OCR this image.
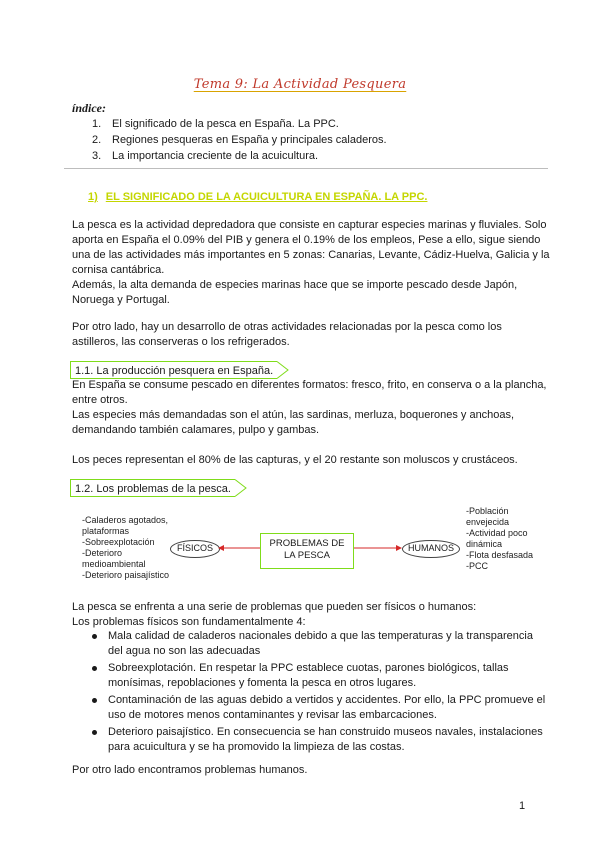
Tema 9: La Actividad Pesquera
índice:
1. El significado de la pesca en España. La PPC.
2. Regiones pesqueras en España y principales caladeros.
3. La importancia creciente de la acuicultura.
1) EL SIGNIFICADO DE LA ACUICULTURA EN ESPAÑA. LA PPC.

La pesca es la actividad depredadora que consiste en capturar especies marinas y fluviales. Solo aporta en España el 0.09% del PIB y genera el 0.19% de los empleos, Pese a ello, sigue siendo una de las actividades más importantes en 5 zonas: Canarias, Levante, Cádiz-Huelva, Galicia y la cornisa cantábrica.

Además, la alta demanda de especies marinas hace que se importe pescado desde Japón, Noruega y Portugal.

Por otro lado, hay un desarrollo de otras actividades relacionadas por la pesca como los astilleros, las conserveras o los refrigerados.

1.1. La producción pesquera en España.

En España se consume pescado en diferentes formatos: fresco, frito, en conserva o a la plancha, entre otros.

Las especies más demandadas son el atún, las sardinas, merluza, boquerones y anchoas, demandando también calamares, pulpo y gambas.

Los peces representan el 80% de las capturas, y el 20 restante son moluscos y crustáceos.

1.2. Los problemas de la pesca.
-Caladeros agotados, plataformas
-Sobreexplotación
-Deterioro medioambiental
-Deterioro paisajístico
FÍSICOS	PROBLEMAS DE
LA PESCA
HUMANOS
-Población envejecida
-Actividad poco dinámica
-Flota desfasada
-PCC

La pesca se enfrenta a una serie de problemas que pueden ser físicos o humanos:

Los problemas físicos son fundamentalmente 4:

Mala calidad de caladeros nacionales debido a que las temperaturas y la transparencia del agua no son las adecuadas
Sobreexplotación. En respetar la PPC establece cuotas, parones biológicos, tallas monísimas, repoblaciones y fomenta la pesca en otros lugares.
Contaminación de las aguas debido a vertidos y accidentes. Por ello, la PPC promueve el uso de motores menos contaminantes y revisar las embarcaciones.
Deterioro paisajístico. En consecuencia se han construido museos navales, instalaciones para acuicultura y se ha promovido la limpieza de las costas.
Por otro lado encontramos problemas humanos.
1
